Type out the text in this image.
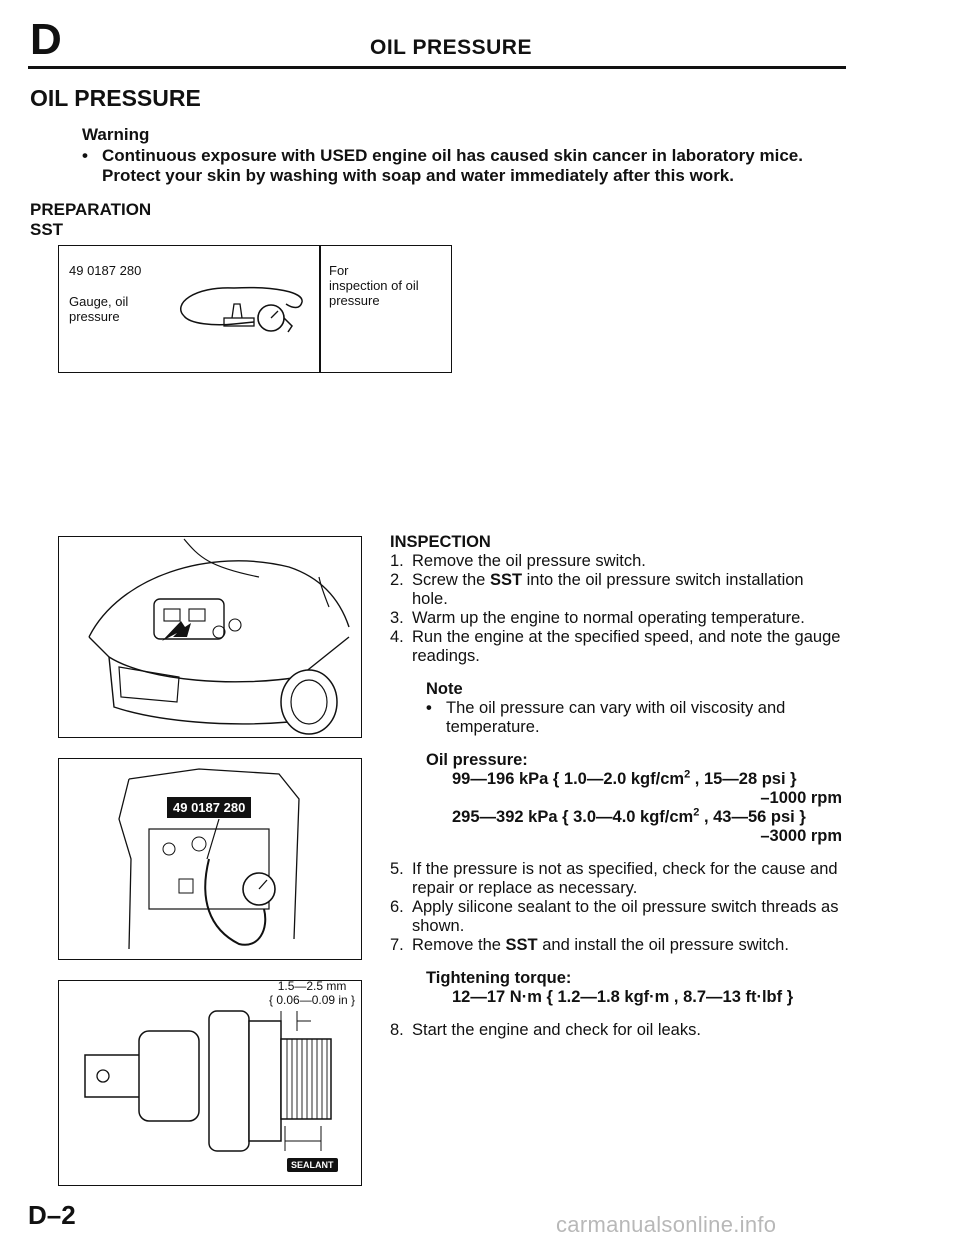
D	OIL PRESSURE
OIL PRESSURE
Warning
• Continuous exposure with USED engine oil has caused skin cancer in laboratory mice. Protect your skin by washing with soap and water immediately after this work.
PREPARATION
SST
49 0187 280
Gauge, oil
pressure
For
inspection of oil
pressure
49 0187 280
1.5—2.5 mm
{ 0.06—0.09 in }
SEALANT
INSPECTION
1. Remove the oil pressure switch.
2. Screw the SST into the oil pressure switch installation hole.
3. Warm up the engine to normal operating temperature.
4. Run the engine at the specified speed, and note the gauge readings.
Note
• The oil pressure can vary with oil viscosity and temperature.
Oil pressure:
99—196 kPa { 1.0—2.0 kgf/$cm^2$ , 15—28 psi }
–1000 rpm
295—392 kPa { 3.0—4.0 kgf/$cm^2$ , 43—56 psi }
–3000 rpm
5. If the pressure is not as specified, check for the cause and repair or replace as necessary.
6. Apply silicone sealant to the oil pressure switch threads as shown.
7. Remove the SST and install the oil pressure switch.
Tightening torque:
12—17 N·m { 1.2—1.8 kgf·m , 8.7—13 ft·lbf }
8. Start the engine and check for oil leaks.
D–2	carmanualsonline.info
